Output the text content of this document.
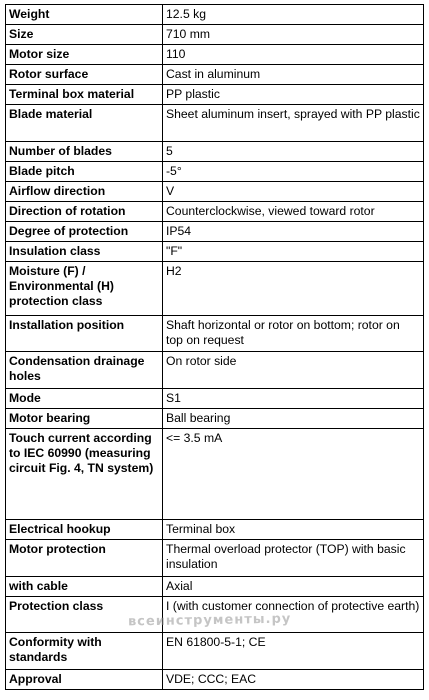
Weight	12.5 kg
Size	710 mm
Motor size	110
Rotor surface	Cast in aluminum
Terminal box material	PP plastic
Blade material	Sheet aluminum insert, sprayed with PP plastic
Number of blades	5
Blade pitch	-5°
Airflow direction	V
Direction of rotation	Counterclockwise, viewed toward rotor
Degree of protection	IP54
Insulation class	"F"
Moisture (F) / Environmental (H) protection class	H2
Installation position	Shaft horizontal or rotor on bottom; rotor on top on request
Condensation drainage holes	On rotor side
Mode	S1
Motor bearing	Ball bearing
Touch current according to IEC 60990 (measuring circuit Fig. 4, TN system)	<= 3.5 mA
Electrical hookup	Terminal box
Motor protection	Thermal overload protector (TOP) with basic insulation
with cable	Axial
Protection class	I (with customer connection of protective earth)
Conformity with standards	EN 61800-5-1; CE
Approval	VDE; CCC; EAC
всеинструменты.ру
